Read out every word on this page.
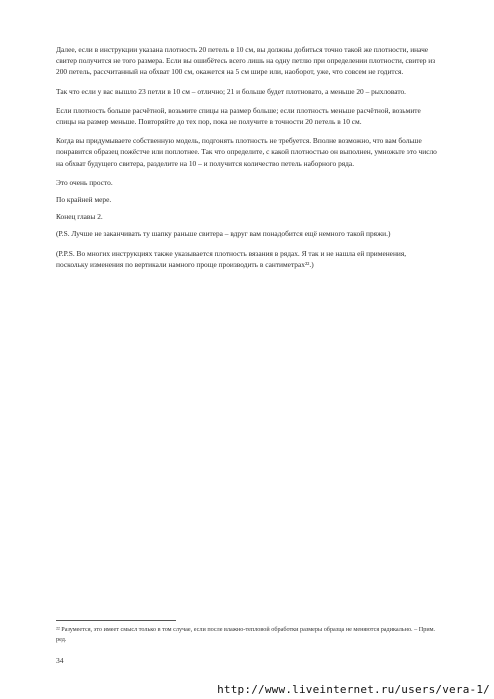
Далее, если в инструкции указана плотность 20 петель в 10 см, вы должны добиться точно такой же плотности, иначе свитер получится не того размера. Если вы ошибётесь всего лишь на одну петлю при определении плотности, свитер из 200 петель, рассчитанный на обхват 100 см, окажется на 5 см шире или, наоборот, уже, что совсем не годится.

Так что если у вас вышло 23 петли в 10 см – отлично; 21 и больше будет плотновато, а меньше 20 – рыхловато.

Если плотность больше расчётной, возьмите спицы на размер больше; если плотность меньше расчётной, возьмите спицы на размер меньше. Повторяйте до тех пор, пока не получите в точности 20 петель в 10 см.

Когда вы придумываете собственную модель, подгонять плотность не требуется. Вполне возможно, что вам больше понравится образец пожёстче или поплотнее. Так что определите, с какой плотностью он выполнен, умножьте это число на обхват будущего свитера, разделите на 10 – и получится количество петель наборного ряда.

Это очень просто.

По крайней мере.

Конец главы 2.

(P.S. Лучше не заканчивать ту шапку раньше свитера – вдруг вам понадобится ещё немного такой пряжи.)

(P.P.S. Во многих инструкциях также указывается плотность вязания в рядах. Я так и не нашла ей применения, поскольку изменения по вертикали намного проще производить в сантиметрах²².)

²² Разумеется, это имеет смысл только в том случае, если после влажно-тепловой обработки размеры образца не меняются радикально. – Прим. ред.

34
http://www.liveinternet.ru/users/vera-1/
